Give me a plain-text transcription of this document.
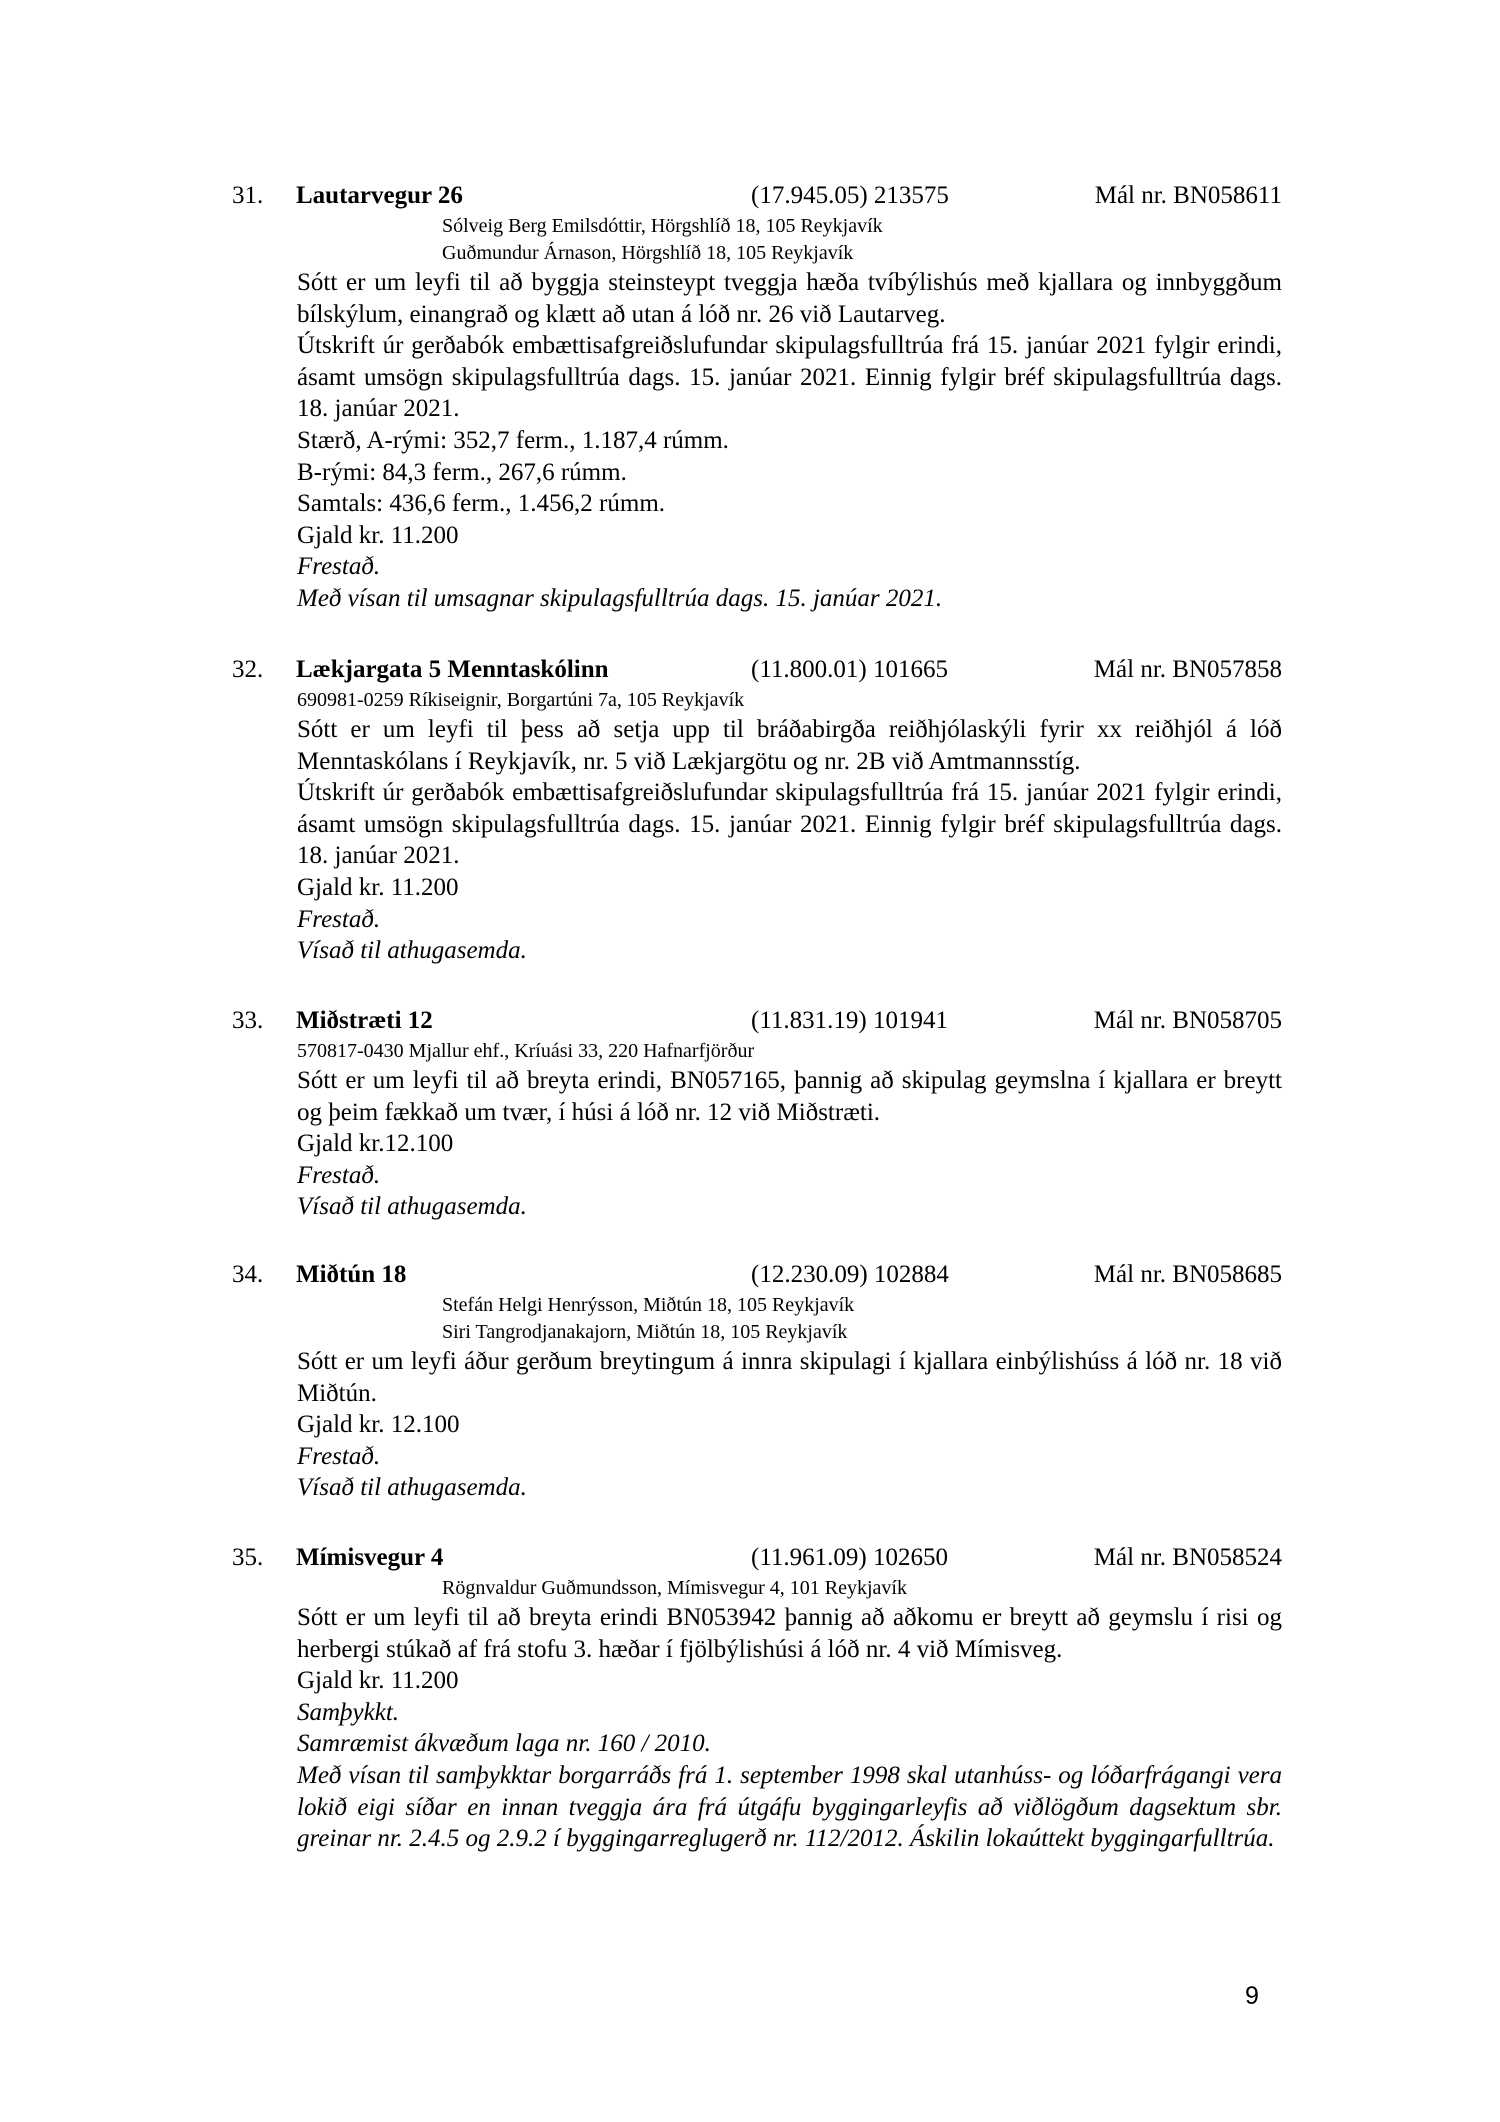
31. Lautarvegur 26	(17.945.05) 213575	Mál nr. BN058611
Sólveig Berg Emilsdóttir, Hörgshlíð 18, 105 Reykjavík
Guðmundur Árnason, Hörgshlíð 18, 105 Reykjavík

Sótt er um leyfi til að byggja steinsteypt tveggja hæða tvíbýlishús með kjallara og innbyggðum bílskýlum, einangrað og klætt að utan á lóð nr. 26 við Lautarveg.

Útskrift úr gerðabók embættisafgreiðslufundar skipulagsfulltrúa frá 15. janúar 2021 fylgir erindi, ásamt umsögn skipulagsfulltrúa dags. 15. janúar 2021. Einnig fylgir bréf skipulagsfulltrúa dags. 18. janúar 2021.

Stærð, A-rými: 352,7 ferm., 1.187,4 rúmm.

B-rými: 84,3 ferm., 267,6 rúmm.

Samtals: 436,6 ferm., 1.456,2 rúmm.

Gjald kr. 11.200

Frestað.

Með vísan til umsagnar skipulagsfulltrúa dags. 15. janúar 2021.

32. Lækjargata 5 Menntaskólinn	(11.800.01) 101665	Mál nr. BN057858
690981-0259 Ríkiseignir, Borgartúni 7a, 105 Reykjavík

Sótt er um leyfi til þess að setja upp til bráðabirgða reiðhjólaskýli fyrir xx reiðhjól á lóð Menntaskólans í Reykjavík, nr. 5 við Lækjargötu og nr. 2B við Amtmannsstíg.

Útskrift úr gerðabók embættisafgreiðslufundar skipulagsfulltrúa frá 15. janúar 2021 fylgir erindi, ásamt umsögn skipulagsfulltrúa dags. 15. janúar 2021. Einnig fylgir bréf skipulagsfulltrúa dags. 18. janúar 2021.

Gjald kr. 11.200

Frestað.

Vísað til athugasemda.

33. Miðstræti 12	(11.831.19) 101941	Mál nr. BN058705
570817-0430 Mjallur ehf., Kríuási 33, 220 Hafnarfjörður

Sótt er um leyfi til að breyta erindi, BN057165, þannig að skipulag geymslna í kjallara er breytt og þeim fækkað um tvær, í húsi á lóð nr. 12 við Miðstræti.

Gjald kr.12.100

Frestað.

Vísað til athugasemda.

34. Miðtún 18	(12.230.09) 102884	Mál nr. BN058685
Stefán Helgi Henrýsson, Miðtún 18, 105 Reykjavík
Siri Tangrodjanakajorn, Miðtún 18, 105 Reykjavík

Sótt er um leyfi áður gerðum breytingum á innra skipulagi í kjallara einbýlishúss á lóð nr. 18 við Miðtún.

Gjald kr. 12.100

Frestað.

Vísað til athugasemda.

35. Mímisvegur 4	(11.961.09) 102650	Mál nr. BN058524
Rögnvaldur Guðmundsson, Mímisvegur 4, 101 Reykjavík

Sótt er um leyfi til að breyta erindi BN053942 þannig að aðkomu er breytt að geymslu í risi og herbergi stúkað af frá stofu 3. hæðar í fjölbýlishúsi á lóð nr. 4 við Mímisveg.

Gjald kr. 11.200

Samþykkt.

Samræmist ákvæðum laga nr. 160 / 2010.

Með vísan til samþykktar borgarráðs frá 1. september 1998 skal utanhúss- og lóðarfrágangi vera lokið eigi síðar en innan tveggja ára frá útgáfu byggingarleyfis að viðlögðum dagsektum sbr. greinar nr. 2.4.5 og 2.9.2 í byggingarreglugerð nr. 112/2012. Áskilin lokaúttekt byggingarfulltrúa.

9
